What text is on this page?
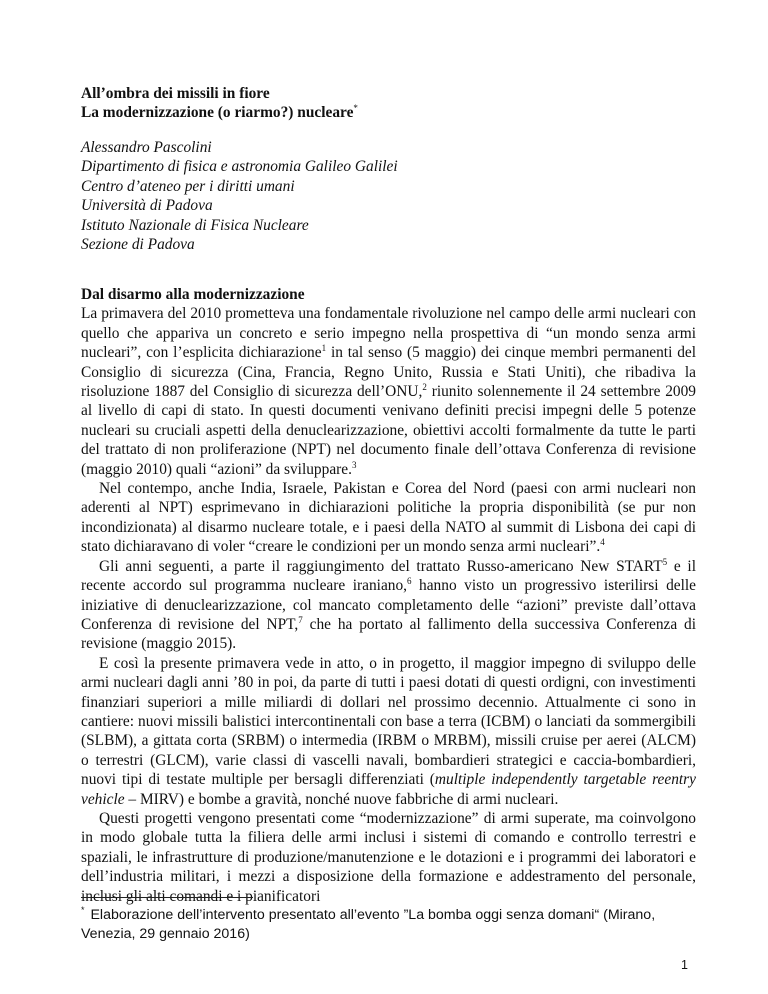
All’ombra dei missili in fiore
La modernizzazione (o riarmo?) nucleare*
Alessandro Pascolini
Dipartimento di fisica e astronomia Galileo Galilei
Centro d’ateneo per i diritti umani
Università di Padova
Istituto Nazionale di Fisica Nucleare
Sezione di Padova
Dal disarmo alla modernizzazione

La primavera del 2010 prometteva una fondamentale rivoluzione nel campo delle armi nucleari con quello che appariva un concreto e serio impegno nella prospettiva di “un mondo senza armi nucleari”, con l’esplicita dichiarazione$^1$ in tal senso (5 maggio) dei cinque membri permanenti del Consiglio di sicurezza (Cina, Francia, Regno Unito, Russia e Stati Uniti), che ribadiva la risoluzione 1887 del Consiglio di sicurezza dell’ONU,$^2$ riunito solennemente il 24 settembre 2009 al livello di capi di stato. In questi documenti venivano definiti precisi impegni delle 5 potenze nucleari su cruciali aspetti della denuclearizzazione, obiettivi accolti formalmente da tutte le parti del trattato di non proliferazione (NPT) nel documento finale dell’ottava Conferenza di revisione (maggio 2010) quali “azioni” da sviluppare.$^3$

Nel contempo, anche India, Israele, Pakistan e Corea del Nord (paesi con armi nucleari non aderenti al NPT) esprimevano in dichiarazioni politiche la propria disponibilità (se pur non incondizionata) al disarmo nucleare totale, e i paesi della NATO al summit di Lisbona dei capi di stato dichiaravano di voler “creare le condizioni per un mondo senza armi nucleari”.$^4$

Gli anni seguenti, a parte il raggiungimento del trattato Russo-americano New START$^5$ e il recente accordo sul programma nucleare iraniano,$^6$ hanno visto un progressivo isterilirsi delle iniziative di denuclearizzazione, col mancato completamento delle “azioni” previste dall’ottava Conferenza di revisione del NPT,$^7$ che ha portato al fallimento della successiva Conferenza di revisione (maggio 2015).

E così la presente primavera vede in atto, o in progetto, il maggior impegno di sviluppo delle armi nucleari dagli anni ’80 in poi, da parte di tutti i paesi dotati di questi ordigni, con investimenti finanziari superiori a mille miliardi di dollari nel prossimo decennio. Attualmente ci sono in cantiere: nuovi missili balistici intercontinentali con base a terra (ICBM) o lanciati da sommergibili (SLBM), a gittata corta (SRBM) o intermedia (IRBM o MRBM), missili cruise per aerei (ALCM) o terrestri (GLCM), varie classi di vascelli navali, bombardieri strategici e caccia-bombardieri, nuovi tipi di testate multiple per bersagli differenziati (multiple independently targetable reentry vehicle – MIRV) e bombe a gravità, nonché nuove fabbriche di armi nucleari.

Questi progetti vengono presentati come “modernizzazione” di armi superate, ma coinvolgono in modo globale tutta la filiera delle armi inclusi i sistemi di comando e controllo terrestri e spaziali, le infrastrutture di produzione/manutenzione e le dotazioni e i programmi dei laboratori e dell’industria militari, i mezzi a disposizione della formazione e addestramento del personale, inclusi gli alti comandi e i pianificatori

* Elaborazione dell’intervento presentato all’evento ”La bomba oggi senza domani“ (Mirano, Venezia, 29 gennaio 2016)
1
